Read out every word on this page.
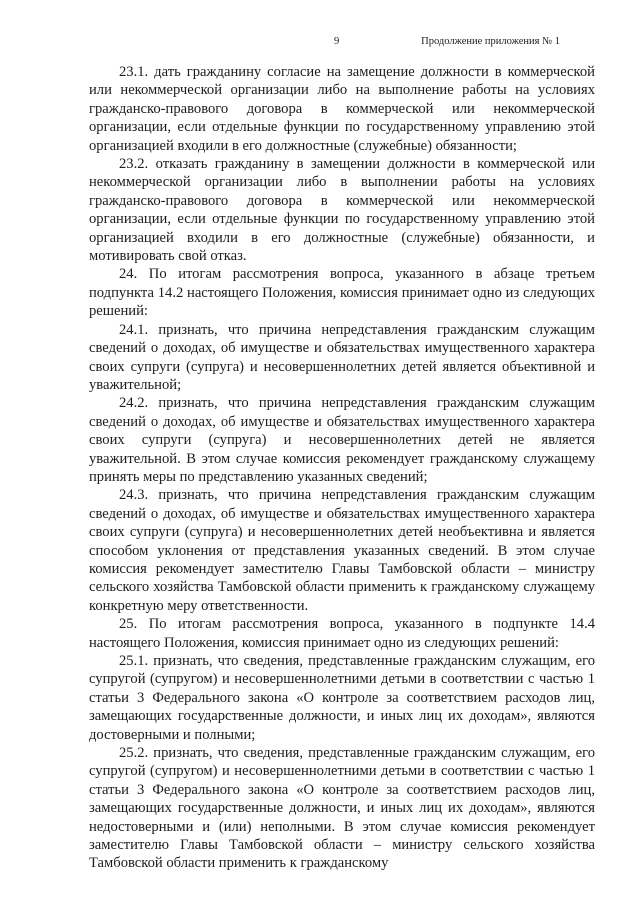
9	Продолжение приложения № 1

23.1. дать гражданину согласие на замещение должности в коммерческой или некоммерческой организации либо на выполнение работы на условиях гражданско-правового договора в коммерческой или некоммерческой организации, если отдельные функции по государственному управлению этой организацией входили в его должностные (служебные) обязанности;

23.2. отказать гражданину в замещении должности в коммерческой или некоммерческой организации либо в выполнении работы на условиях гражданско-правового договора в коммерческой или некоммерческой организации, если отдельные функции по государственному управлению этой организацией входили в его должностные (служебные) обязанности, и мотивировать свой отказ.

24. По итогам рассмотрения вопроса, указанного в абзаце третьем подпункта 14.2 настоящего Положения, комиссия принимает одно из следующих решений:

24.1. признать, что причина непредставления гражданским служащим сведений о доходах, об имуществе и обязательствах имущественного характера своих супруги (супруга) и несовершеннолетних детей является объективной и уважительной;

24.2. признать, что причина непредставления гражданским служащим сведений о доходах, об имуществе и обязательствах имущественного характера своих супруги (супруга) и несовершеннолетних детей не является уважительной. В этом случае комиссия рекомендует гражданскому служащему принять меры по представлению указанных сведений;

24.3. признать, что причина непредставления гражданским служащим сведений о доходах, об имуществе и обязательствах имущественного характера своих супруги (супруга) и несовершеннолетних детей необъективна и является способом уклонения от представления указанных сведений. В этом случае комиссия рекомендует заместителю Главы Тамбовской области – министру сельского хозяйства Тамбовской области применить к гражданскому служащему конкретную меру ответственности.

25. По итогам рассмотрения вопроса, указанного в подпункте 14.4 настоящего Положения, комиссия принимает одно из следующих решений:

25.1. признать, что сведения, представленные гражданским служащим, его супругой (супругом) и несовершеннолетними детьми в соответствии с частью 1 статьи 3 Федерального закона «О контроле за соответствием расходов лиц, замещающих государственные должности, и иных лиц их доходам», являются достоверными и полными;

25.2. признать, что сведения, представленные гражданским служащим, его супругой (супругом) и несовершеннолетними детьми в соответствии с частью 1 статьи 3 Федерального закона «О контроле за соответствием расходов лиц, замещающих государственные должности, и иных лиц их доходам», являются недостоверными и (или) неполными. В этом случае комиссия рекомендует заместителю Главы Тамбовской области – министру сельского хозяйства Тамбовской области применить к гражданскому
